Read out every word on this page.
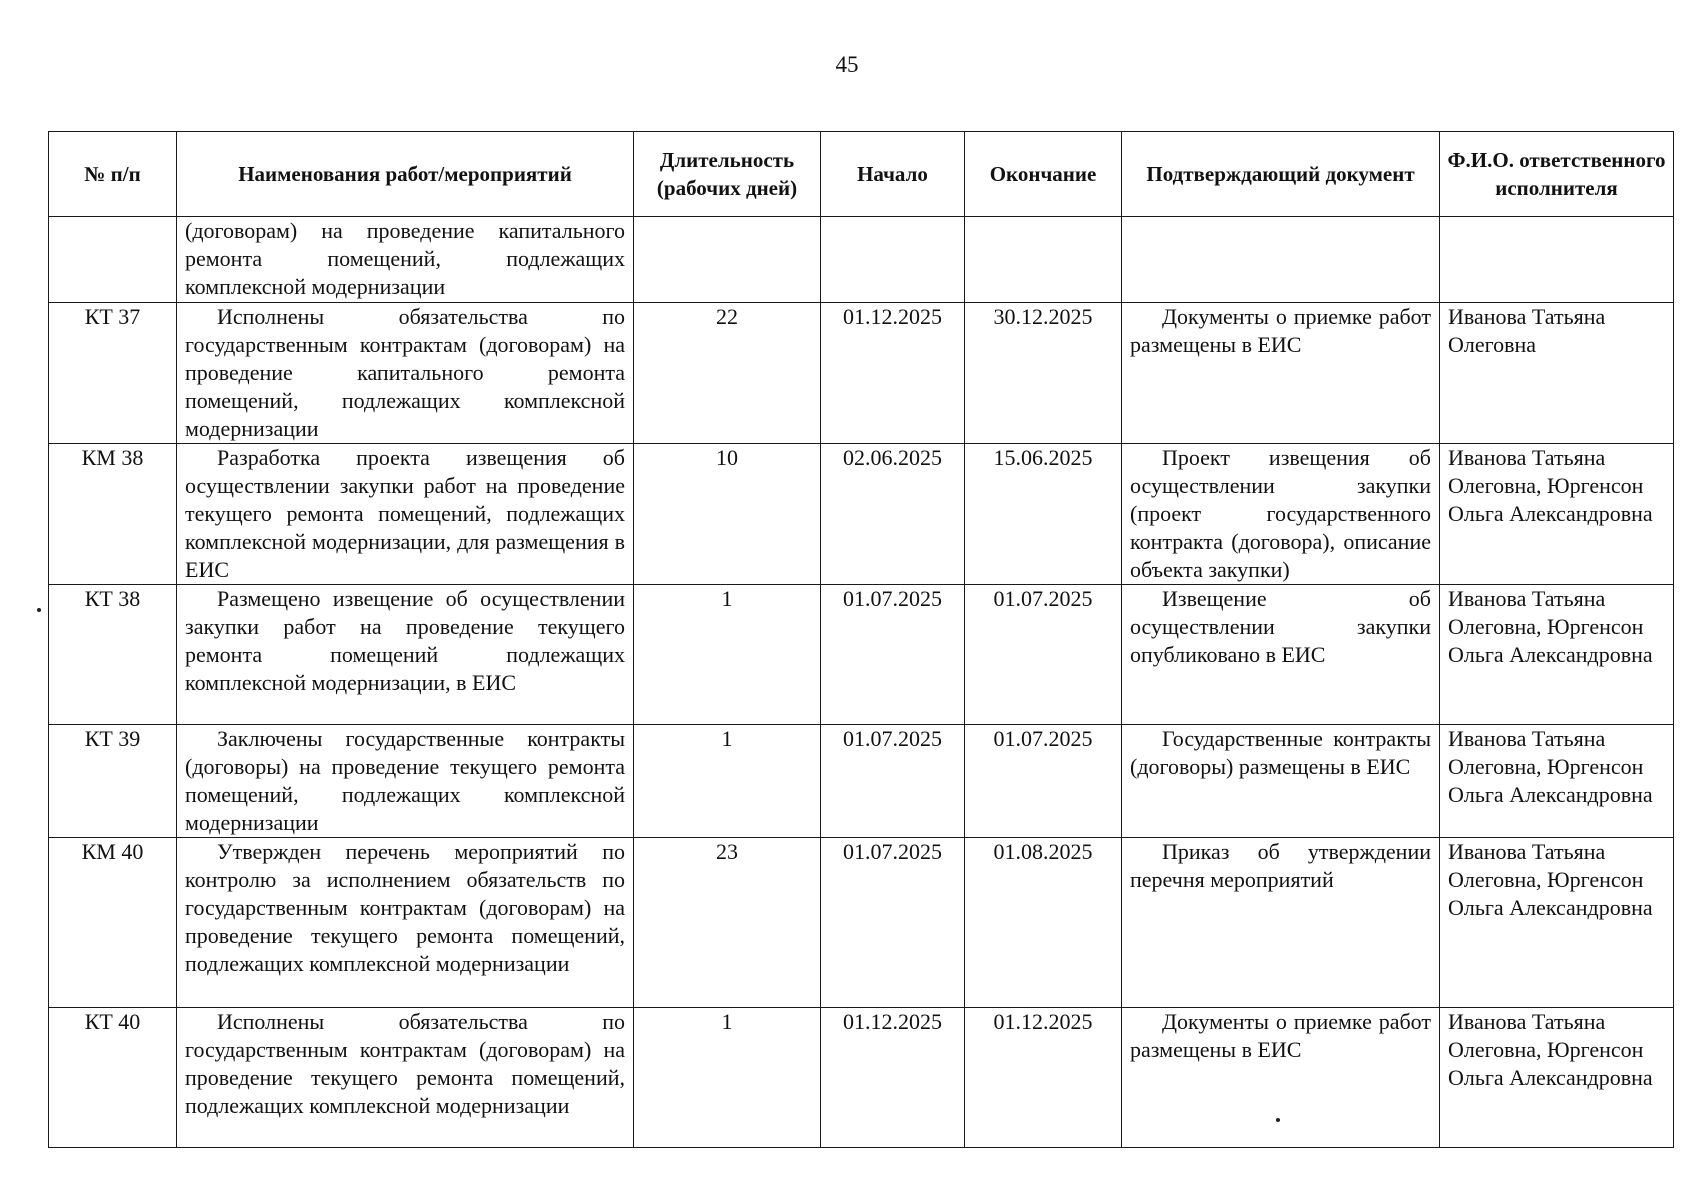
45
№ п/п	Наименования работ/мероприятий	Длительность (рабочих дней)	Начало	Окончание	Подтверждающий документ	Ф.И.О. ответственного исполнителя
	(договорам) на проведение капитального ремонта помещений, подлежащих комплексной модернизации					
КТ 37	Исполнены обязательства по государственным контрактам (договорам) на проведение капитального ремонта помещений, подлежащих комплексной модернизации	22	01.12.2025	30.12.2025	Документы о приемке работ размещены в ЕИС	Иванова Татьяна Олеговна
КМ 38	Разработка проекта извещения об осуществлении закупки работ на проведение текущего ремонта помещений, подлежащих комплексной модернизации, для размещения в ЕИС	10	02.06.2025	15.06.2025	Проект извещения об осуществлении закупки (проект государственного контракта (договора), описание объекта закупки)	Иванова Татьяна Олеговна, Юргенсон Ольга Александровна
КТ 38	Размещено извещение об осуществлении закупки работ на проведение текущего ремонта помещений подлежащих комплексной модернизации, в ЕИС	1	01.07.2025	01.07.2025	Извещение об осуществлении закупки опубликовано в ЕИС	Иванова Татьяна Олеговна, Юргенсон Ольга Александровна
КТ 39	Заключены государственные контракты (договоры) на проведение текущего ремонта помещений, подлежащих комплексной модернизации	1	01.07.2025	01.07.2025	Государственные контракты (договоры) размещены в ЕИС	Иванова Татьяна Олеговна, Юргенсон Ольга Александровна
КМ 40	Утвержден перечень мероприятий по контролю за исполнением обязательств по государственным контрактам (договорам) на проведение текущего ремонта помещений, подлежащих комплексной модернизации	23	01.07.2025	01.08.2025	Приказ об утверждении перечня мероприятий	Иванова Татьяна Олеговна, Юргенсон Ольга Александровна
КТ 40	Исполнены обязательства по государственным контрактам (договорам) на проведение текущего ремонта помещений, подлежащих комплексной модернизации	1	01.12.2025	01.12.2025	Документы о приемке работ размещены в ЕИС	Иванова Татьяна Олеговна, Юргенсон Ольга Александровна
